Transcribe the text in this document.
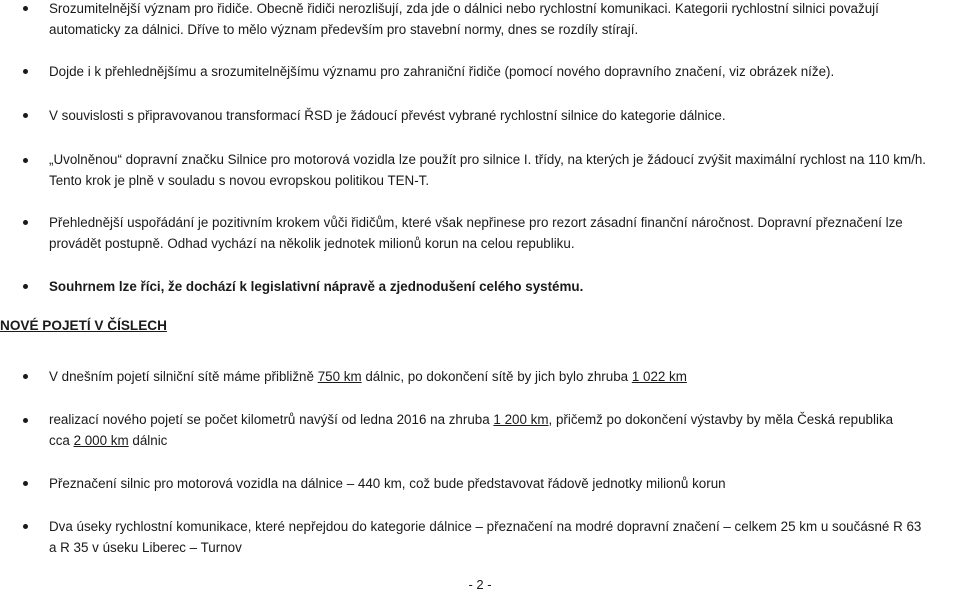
Srozumitelnější význam pro řidiče. Obecně řidiči nerozlišují, zda jde o dálnici nebo rychlostní komunikaci. Kategorii rychlostní silnici považují
automaticky za dálnici. Dříve to mělo význam především pro stavební normy, dnes se rozdíly stírají.
Dojde i k přehlednějšímu a srozumitelnějšímu významu pro zahraniční řidiče (pomocí nového dopravního značení, viz obrázek níže).
V souvislosti s připravovanou transformací ŘSD je žádoucí převést vybrané rychlostní silnice do kategorie dálnice.
„Uvolněnou“ dopravní značku Silnice pro motorová vozidla lze použít pro silnice I. třídy, na kterých je žádoucí zvýšit maximální rychlost na 110 km/h.
Tento krok je plně v souladu s novou evropskou politikou TEN-T.
Přehlednější uspořádání je pozitivním krokem vůči řidičům, které však nepřinese pro rezort zásadní finanční náročnost. Dopravní přeznačení lze
provádět postupně. Odhad vychází na několik jednotek milionů korun na celou republiku.
Souhrnem lze říci, že dochází k legislativní nápravě a zjednodušení celého systému.
NOVÉ POJETÍ V ČÍSLECH
V dnešním pojetí silniční sítě máme přibližně 750 km dálnic, po dokončení sítě by jich bylo zhruba 1 022 km
realizací nového pojetí se počet kilometrů navýší od ledna 2016 na zhruba 1 200 km, přičemž po dokončení výstavby by měla Česká republika
cca 2 000 km dálnic
Přeznačení silnic pro motorová vozidla na dálnice – 440 km, což bude představovat řádově jednotky milionů korun
Dva úseky rychlostní komunikace, které nepřejdou do kategorie dálnice – přeznačení na modré dopravní značení – celkem 25 km u součásné R 63
a R 35 v úseku Liberec – Turnov
- 2 -
